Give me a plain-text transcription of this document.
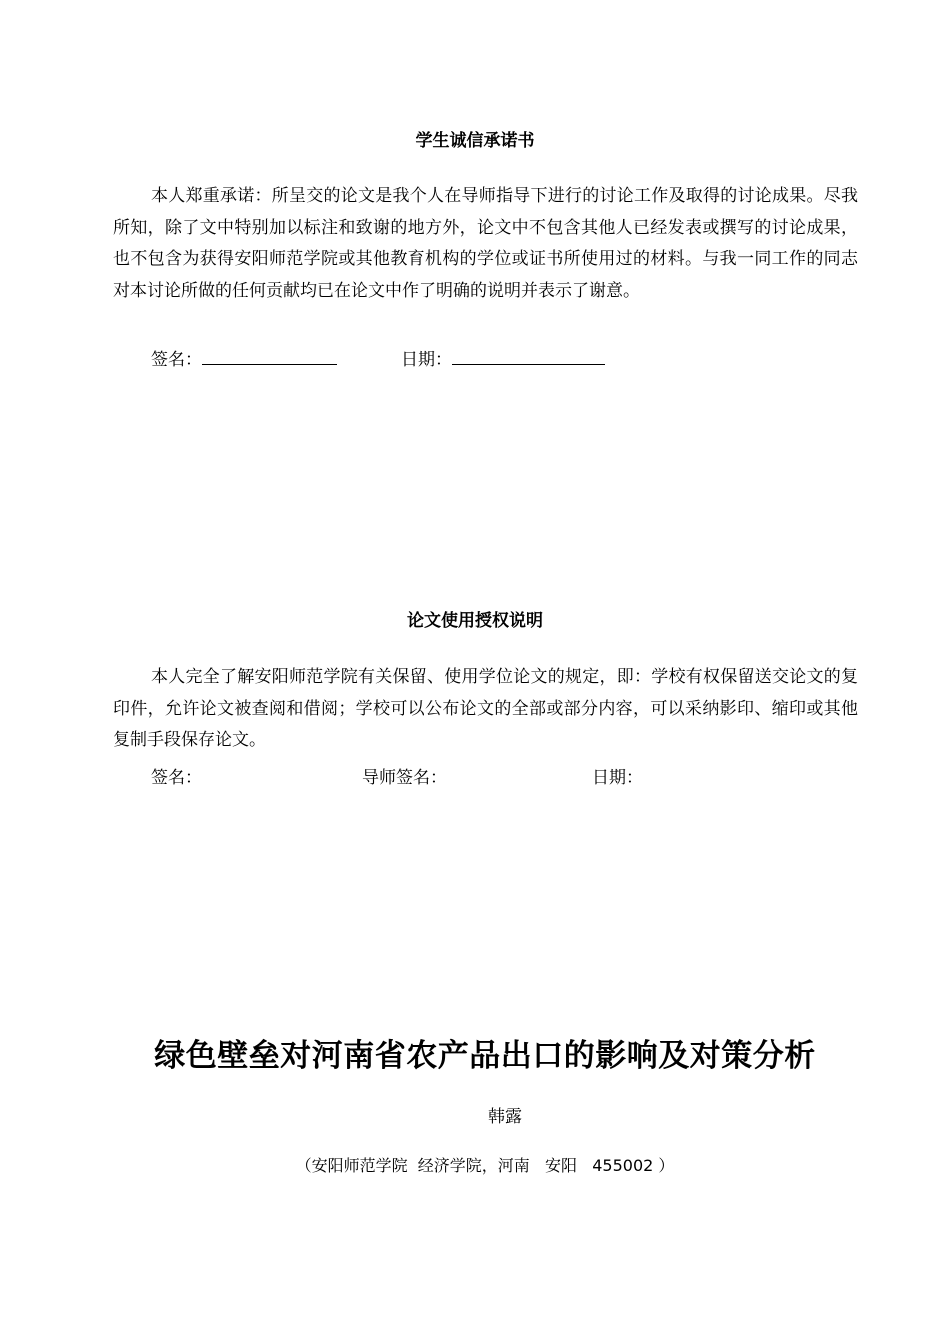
学生诚信承诺书

本人郑重承诺：所呈交的论文是我个人在导师指导下进行的讨论工作及取得的讨论成果。尽我所知，除了文中特别加以标注和致谢的地方外，论文中不包含其他人已经发表或撰写的讨论成果，也不包含为获得安阳师范学院或其他教育机构的学位或证书所使用过的材料。与我一同工作的同志对本讨论所做的任何贡献均已在论文中作了明确的说明并表示了谢意。

签名：	日期：
论文使用授权说明

本人完全了解安阳师范学院有关保留、使用学位论文的规定，即：学校有权保留送交论文的复印件，允许论文被查阅和借阅；学校可以公布论文的全部或部分内容，可以采纳影印、缩印或其他复制手段保存论文。

签名：	导师签名：	日期：
绿色壁垒对河南省农产品出口的影响及对策分析
韩露
（安阳师范学院  经济学院，河南   安阳   455002 ）
